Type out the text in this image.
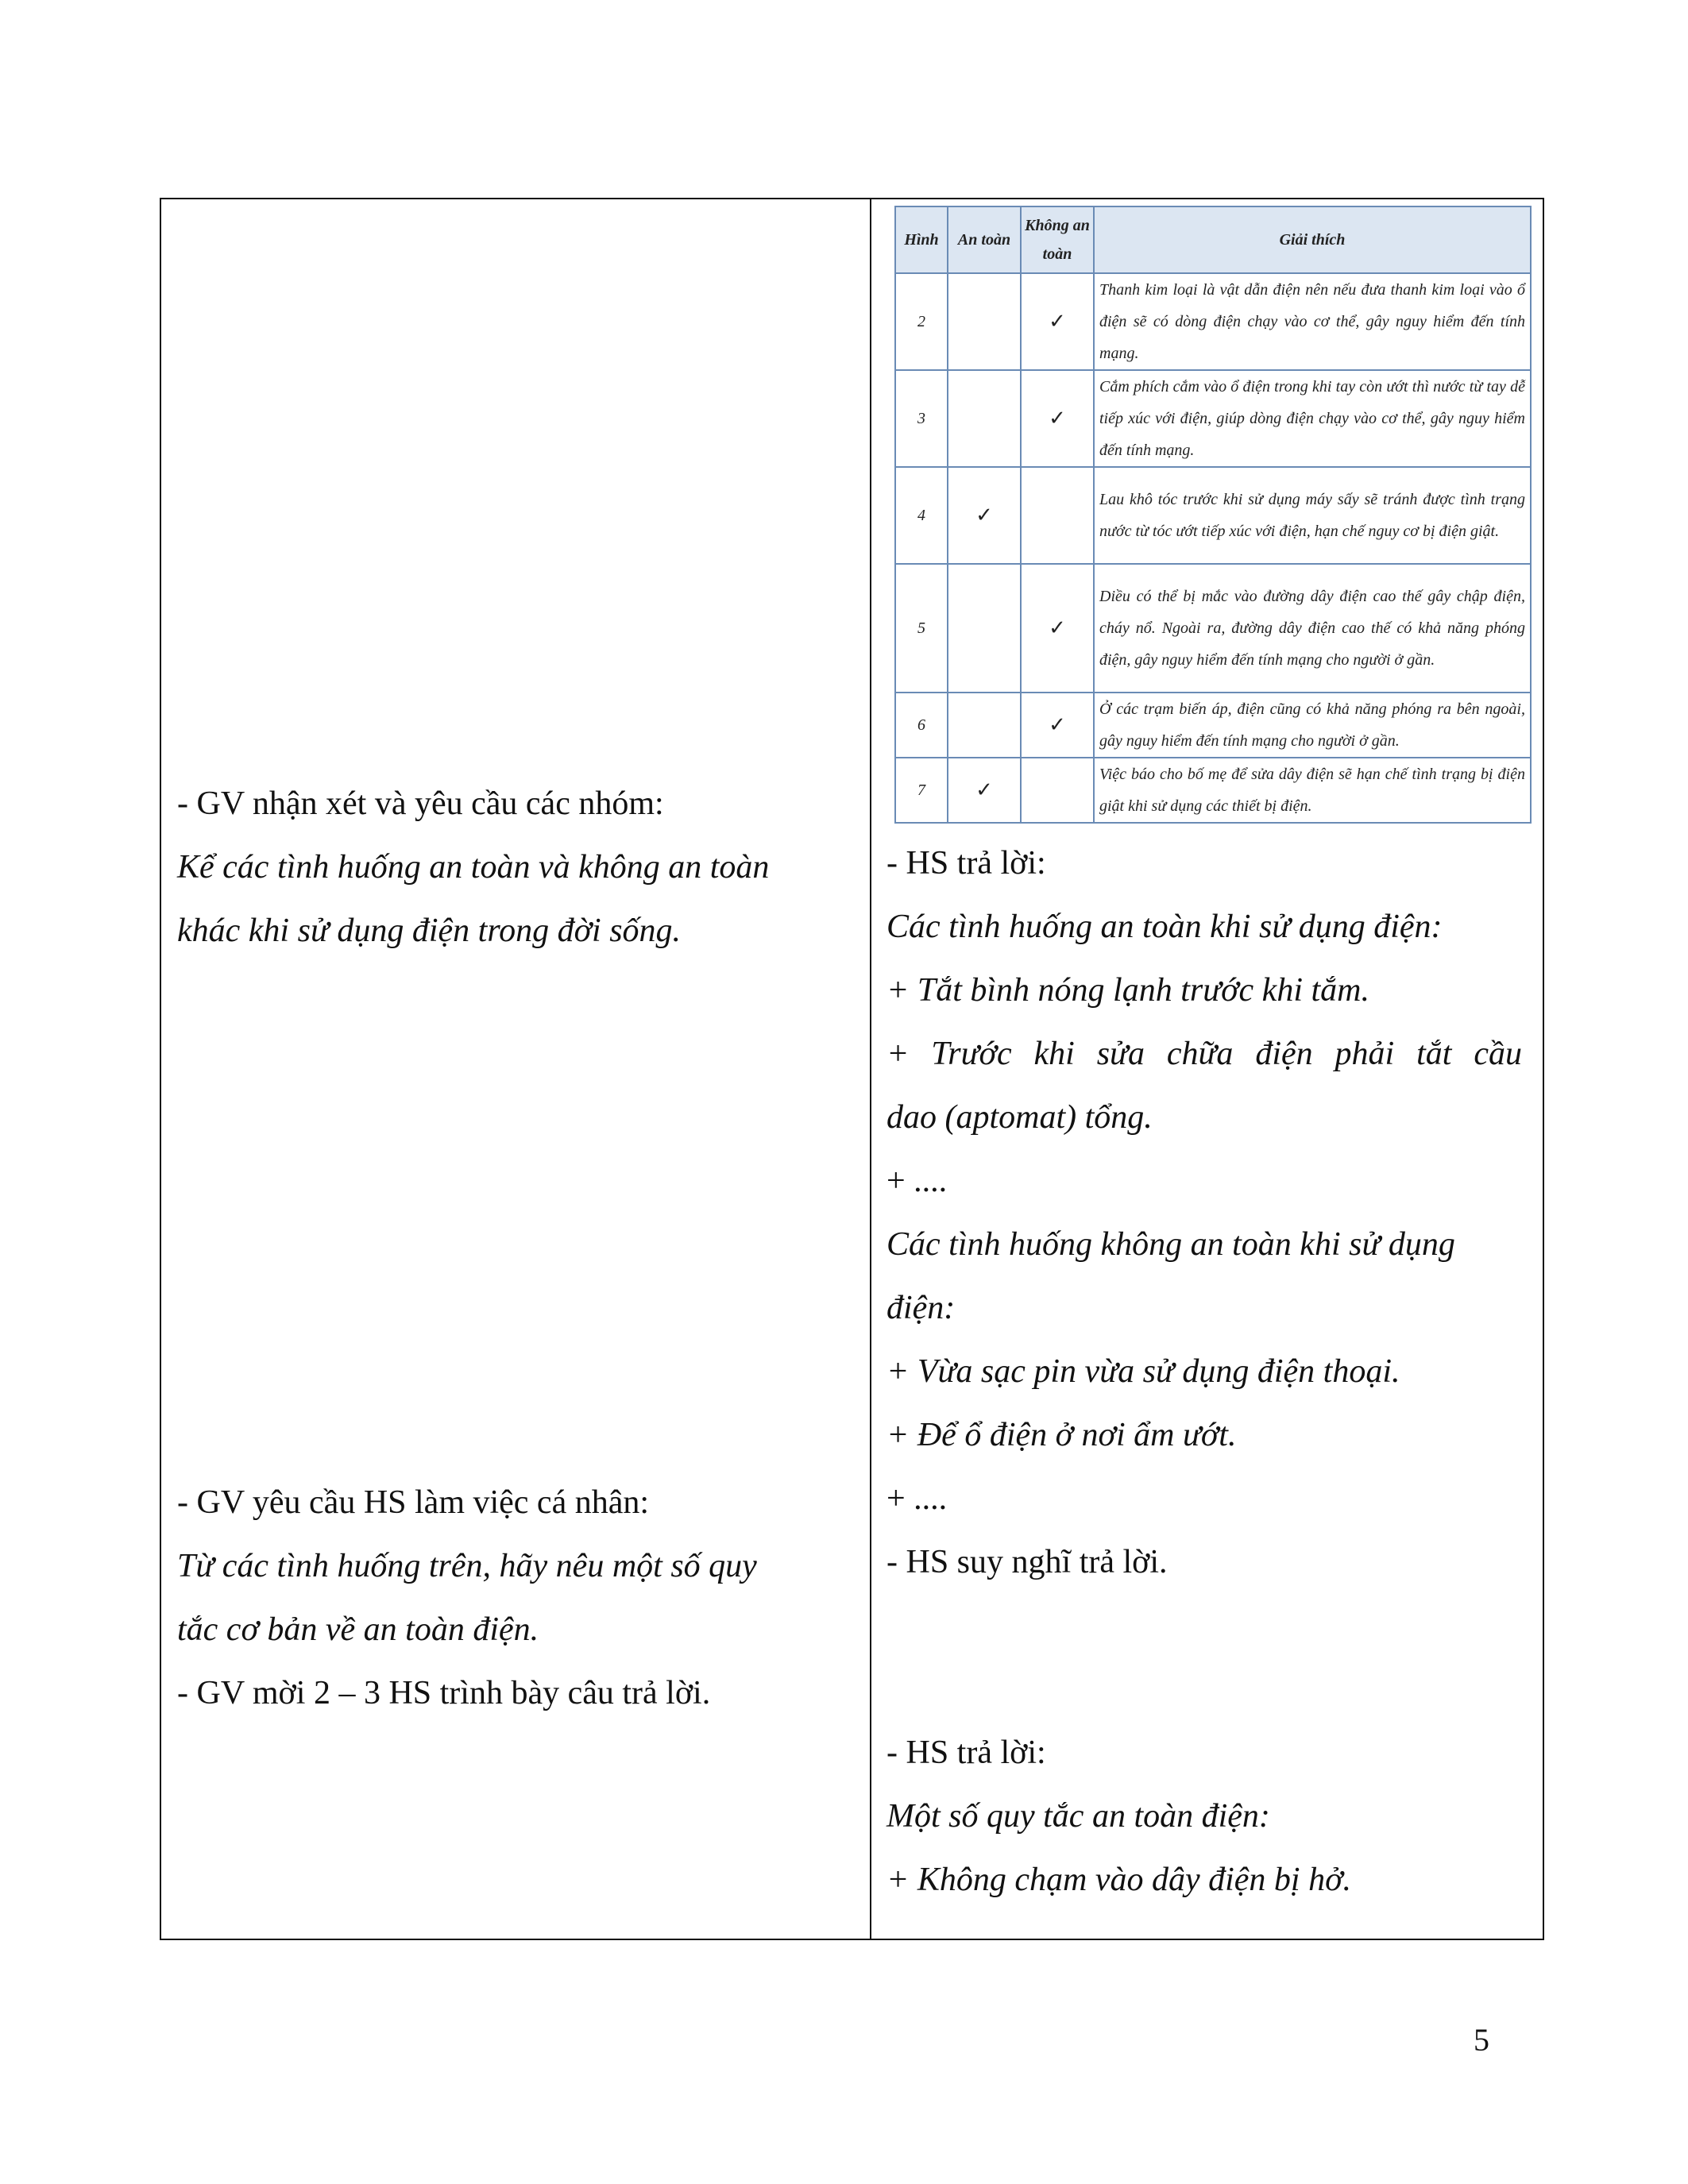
- GV nhận xét và yêu cầu các nhóm:
Kể các tình huống an toàn và không an toàn
khác khi sử dụng điện trong đời sống.
- GV yêu cầu HS làm việc cá nhân:
Từ các tình huống trên, hãy nêu một số quy
tắc cơ bản về an toàn điện.
- GV mời 2 – 3 HS trình bày câu trả lời.
Hình	An toàn	Không an toàn	Giải thích
2		✓	Thanh kim loại là vật dẫn điện nên nếu đưa thanh kim loại vào ổ điện sẽ có dòng điện chạy vào cơ thể, gây nguy hiểm đến tính mạng.
3		✓	Cắm phích cắm vào ổ điện trong khi tay còn ướt thì nước từ tay dễ tiếp xúc với điện, giúp dòng điện chạy vào cơ thể, gây nguy hiểm đến tính mạng.
4	✓		Lau khô tóc trước khi sử dụng máy sấy sẽ tránh được tình trạng nước từ tóc ướt tiếp xúc với điện, hạn chế nguy cơ bị điện giật.
5		✓	Diều có thể bị mắc vào đường dây điện cao thế gây chập điện, cháy nổ. Ngoài ra, đường dây điện cao thế có khả năng phóng điện, gây nguy hiểm đến tính mạng cho người ở gần.
6		✓	Ở các trạm biến áp, điện cũng có khả năng phóng ra bên ngoài, gây nguy hiểm đến tính mạng cho người ở gần.
7	✓		Việc báo cho bố mẹ để sửa dây điện sẽ hạn chế tình trạng bị điện giật khi sử dụng các thiết bị điện.
- HS trả lời:
Các tình huống an toàn khi sử dụng điện:
+ Tắt bình nóng lạnh trước khi tắm.
+ Trước khi sửa chữa điện phải tắt cầu
dao (aptomat) tổng.
+ ....
Các tình huống không an toàn khi sử dụng
điện:
+ Vừa sạc pin vừa sử dụng điện thoại.
+ Để ổ điện ở nơi ẩm ướt.
+ ....
- HS suy nghĩ trả lời.
- HS trả lời:
Một số quy tắc an toàn điện:
+ Không chạm vào dây điện bị hở.
5
